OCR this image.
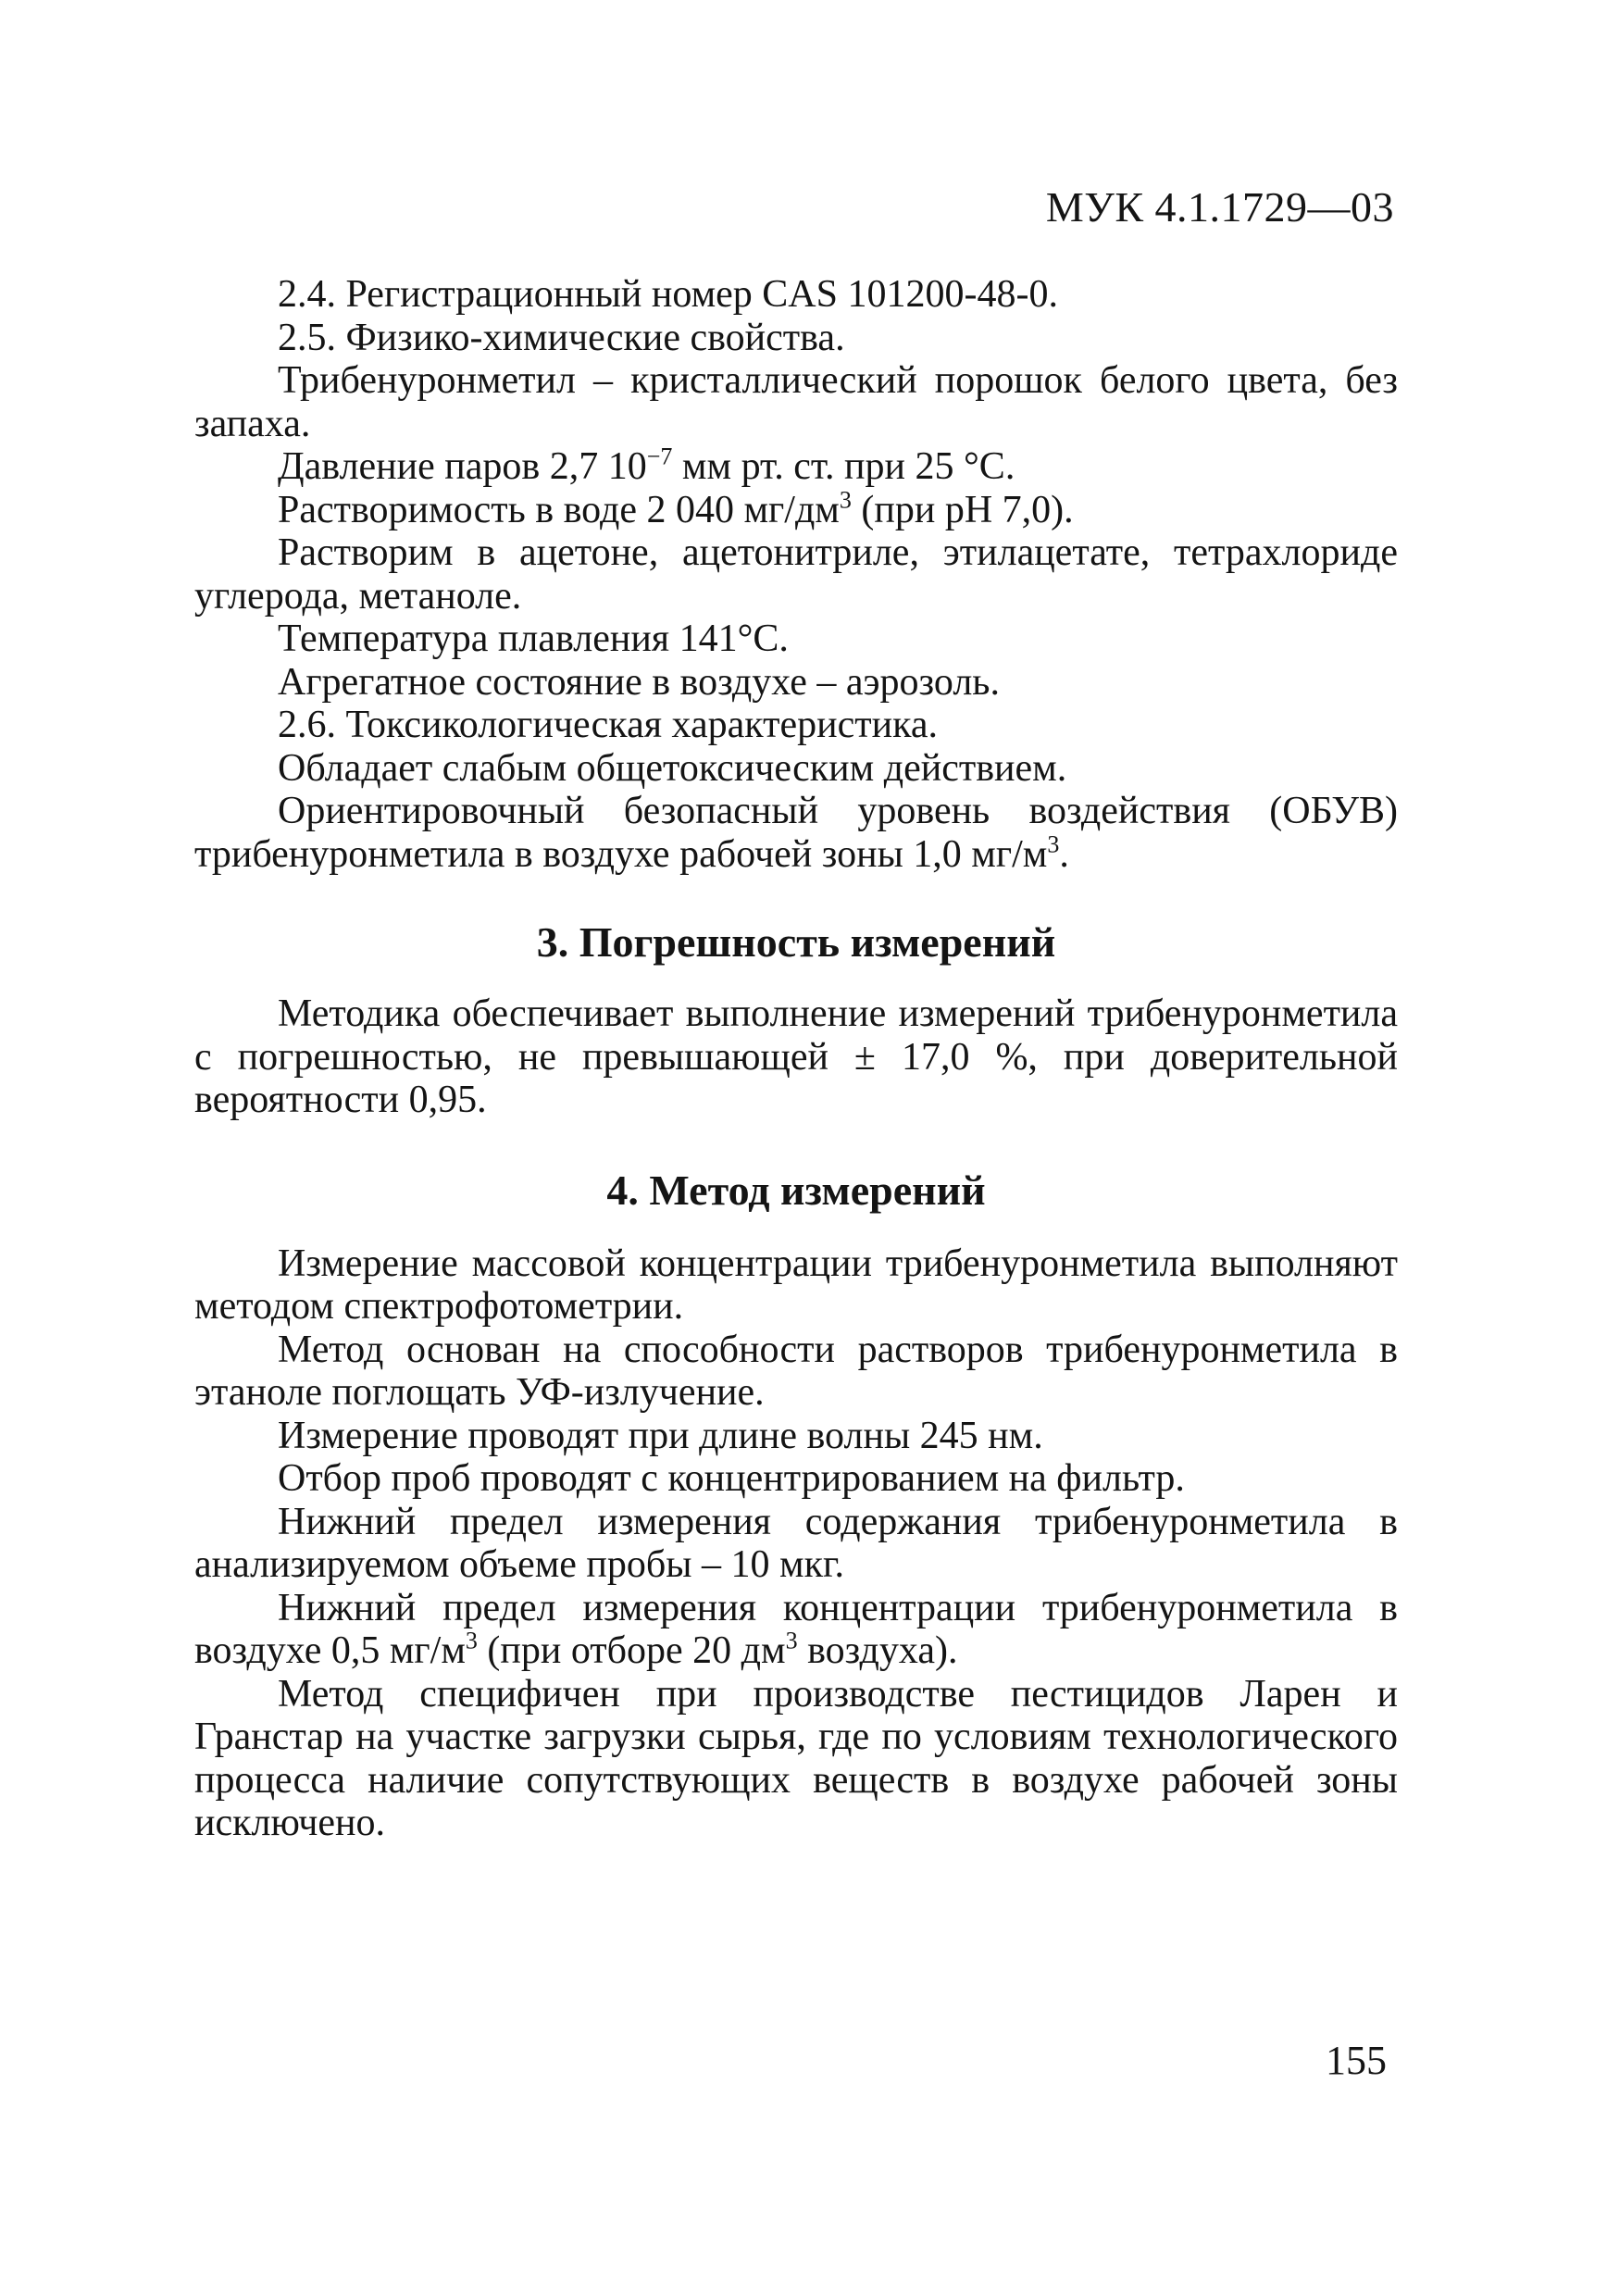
МУК 4.1.1729—03

2.4. Регистрационный номер CAS 101200-48-0.

2.5. Физико-химические свойства.

Трибенуронметил – кристаллический порошок белого цвета, без запаха.

Давление паров 2,7 $10^{-7}$ мм рт. ст. при 25 °С.

Растворимость в воде 2 040 $мг/дм^3$ (при рН 7,0).

Растворим в ацетоне, ацетонитриле, этилацетате, тетрахлориде углерода, метаноле.

Температура плавления 141°С.

Агрегатное состояние в воздухе – аэрозоль.

2.6. Токсикологическая характеристика.

Обладает слабым общетоксическим действием.

Ориентировочный безопасный уровень воздействия (ОБУВ) трибенуронметила в воздухе рабочей зоны 1,0 $мг/м^3$.

3. Погрешность измерений

Методика обеспечивает выполнение измерений трибенуронметила с погрешностью, не превышающей ± 17,0 %, при доверительной вероятности 0,95.

4. Метод измерений

Измерение массовой концентрации трибенуронметила выполняют методом спектрофотометрии.

Метод основан на способности растворов трибенуронметила в этаноле поглощать УФ-излучение.

Измерение проводят при длине волны 245 нм.

Отбор проб проводят с концентрированием на фильтр.

Нижний предел измерения содержания трибенуронметила в анализируемом объеме пробы – 10 мкг.

Нижний предел измерения концентрации трибенуронметила в воздухе 0,5 $мг/м^3$ (при отборе 20 $дм^3$ воздуха).

Метод специфичен при производстве пестицидов Ларен и Гранстар на участке загрузки сырья, где по условиям технологического процесса наличие сопутствующих веществ в воздухе рабочей зоны исключено.

155
